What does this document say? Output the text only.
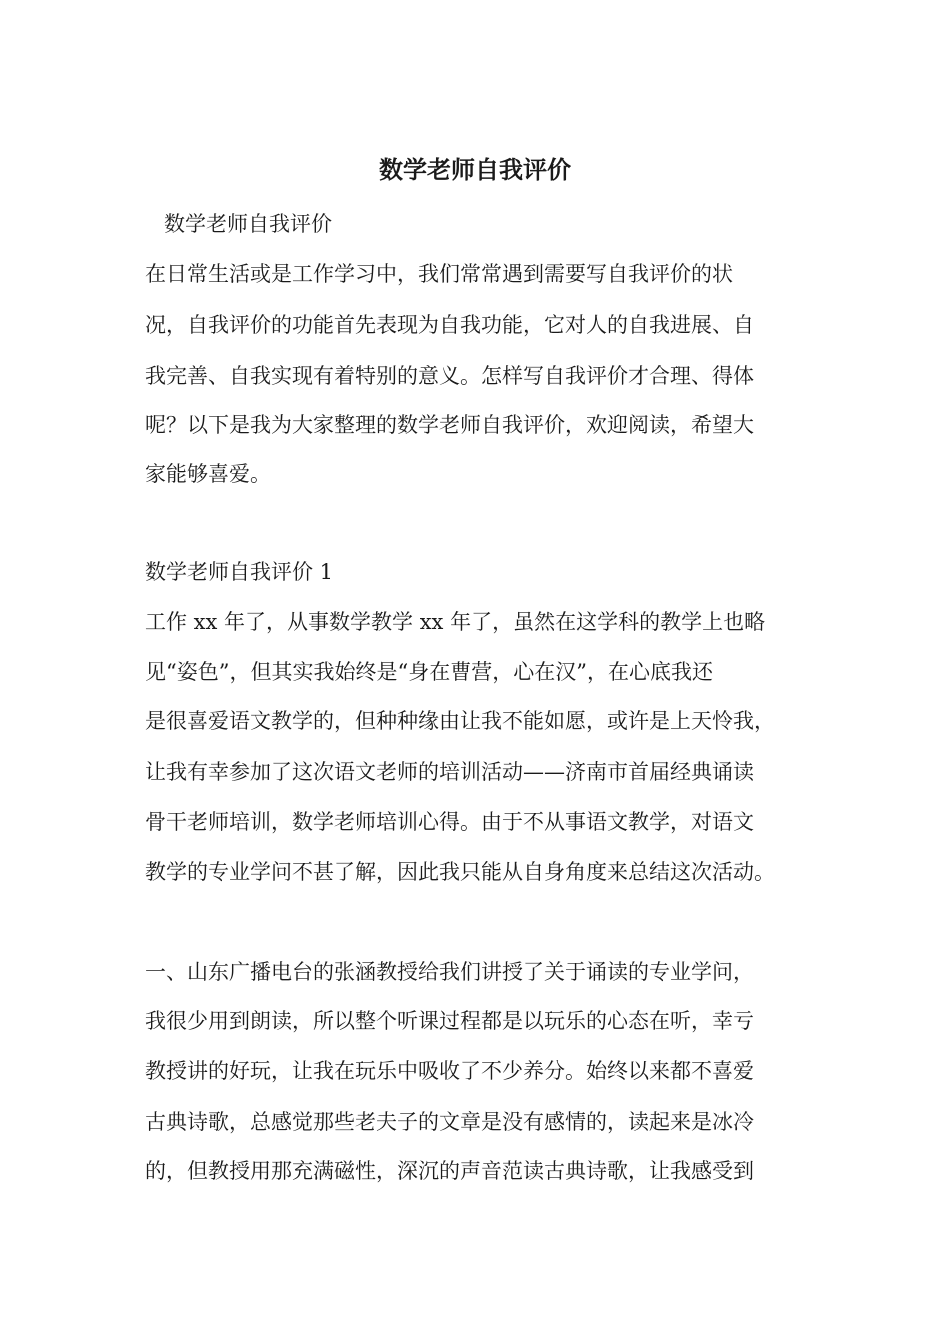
数学老师自我评价

数学老师自我评价

在日常生活或是工作学习中，我们常常遇到需要写自我评价的状

况，自我评价的功能首先表现为自我功能，它对人的自我进展、自

我完善、自我实现有着特别的意义。怎样写自我评价才合理、得体

呢？以下是我为大家整理的数学老师自我评价，欢迎阅读，希望大

家能够喜爱。

数学老师自我评价 1

工作 xx 年了，从事数学教学 xx 年了，虽然在这学科的教学上也略

见“姿色”，但其实我始终是“身在曹营，心在汉”，在心底我还

是很喜爱语文教学的，但种种缘由让我不能如愿，或许是上天怜我，

让我有幸参加了这次语文老师的培训活动——济南市首届经典诵读

骨干老师培训，数学老师培训心得。由于不从事语文教学，对语文

教学的专业学问不甚了解，因此我只能从自身角度来总结这次活动。

一、山东广播电台的张涵教授给我们讲授了关于诵读的专业学问，

我很少用到朗读，所以整个听课过程都是以玩乐的心态在听，幸亏

教授讲的好玩，让我在玩乐中吸收了不少养分。始终以来都不喜爱

古典诗歌，总感觉那些老夫子的文章是没有感情的，读起来是冰冷

的，但教授用那充满磁性，深沉的声音范读古典诗歌，让我感受到
